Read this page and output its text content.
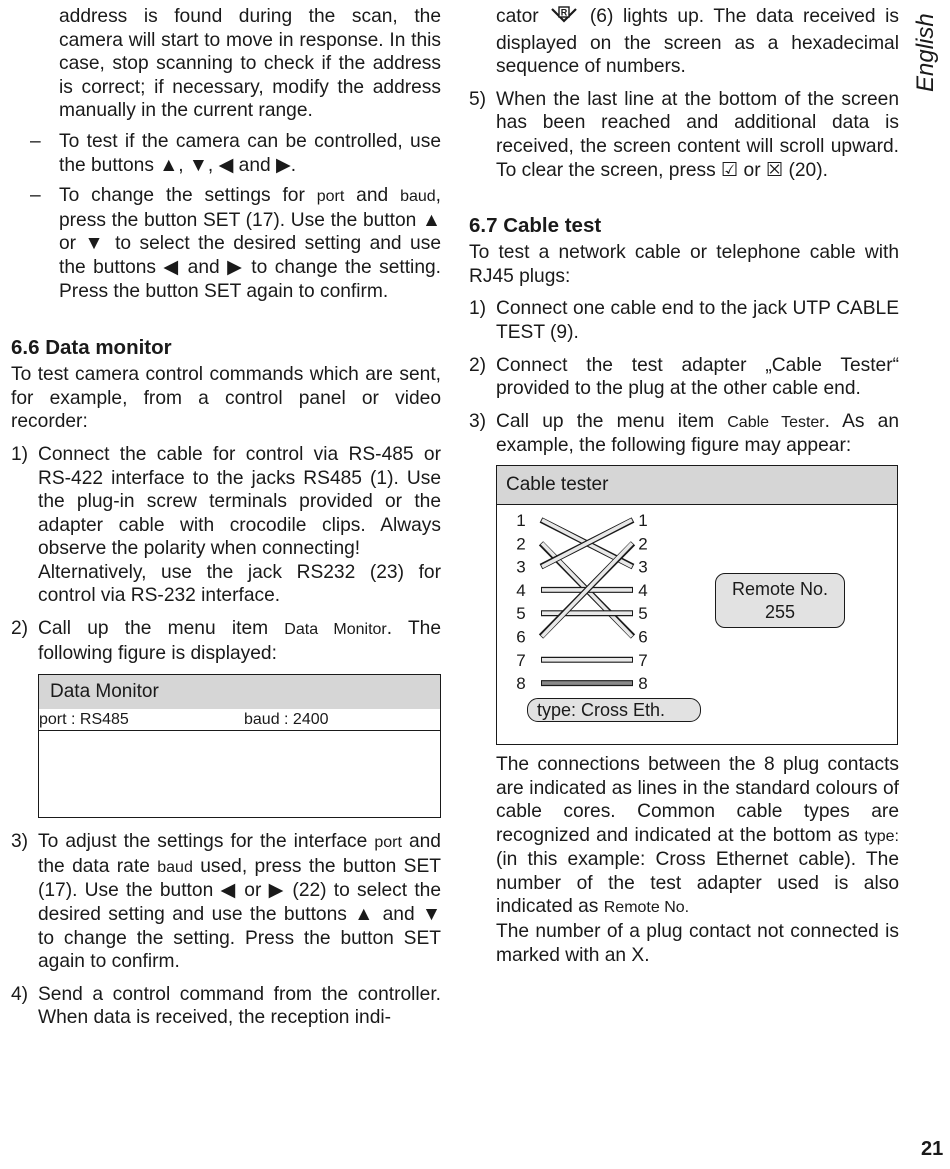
address is found during the scan, the camera will start to move in response. In this case, stop scanning to check if the address is correct; if necessary, modify the address manually in the current range.

– To test if the camera can be controlled, use the buttons ▲, ▼, ◀ and ▶.

– To change the settings for port and baud, press the button SET (17). Use the button ▲ or ▼ to select the desired setting and use the buttons ◀ and ▶ to change the setting. Press the button SET again to confirm.

6.6 Data monitor

To test camera control commands which are sent, for example, from a control panel or video recorder:

1) Connect the cable for control via RS-485 or RS-422 interface to the jacks RS485 (1). Use the plug-in screw terminals provided or the adapter cable with crocodile clips. Always observe the polarity when connecting!

Alternatively, use the jack RS232 (23) for control via RS-232 interface.

2) Call up the menu item Data Monitor. The following figure is displayed:

Data Monitor
port : RS485	baud : 2400

3) To adjust the settings for the interface port and the data rate baud used, press the button SET (17). Use the button ◀ or ▶ (22) to select the desired setting and use the buttons ▲ and ▼ to change the setting. Press the button SET again to confirm.

4) Send a control command from the controller. When data is received, the reception indi-

cator R (6) lights up. The data received is displayed on the screen as a hexadecimal sequence of numbers.

5) When the last line at the bottom of the screen has been reached and additional data is received, the screen content will scroll upward. To clear the screen, press ☑ or ☒ (20).

6.7 Cable test

To test a network cable or telephone cable with RJ45 plugs:

1) Connect one cable end to the jack UTP CABLE TEST (9).

2) Connect the test adapter „Cable Tester“ provided to the plug at the other cable end.

3) Call up the menu item Cable Tester. As an example, the following figure may appear:

Cable tester
1	1
2	2
3	3
4	4
5	5
6	6
7	7
8	8
Remote No.
255
type: Cross Eth.

The connections between the 8 plug contacts are indicated as lines in the standard colours of cable cores. Common cable types are recognized and indicated at the bottom as type: (in this example: Cross Ethernet cable). The number of the test adapter used is also indicated as Remote No.

The number of a plug contact not connected is marked with an X.

English
21
